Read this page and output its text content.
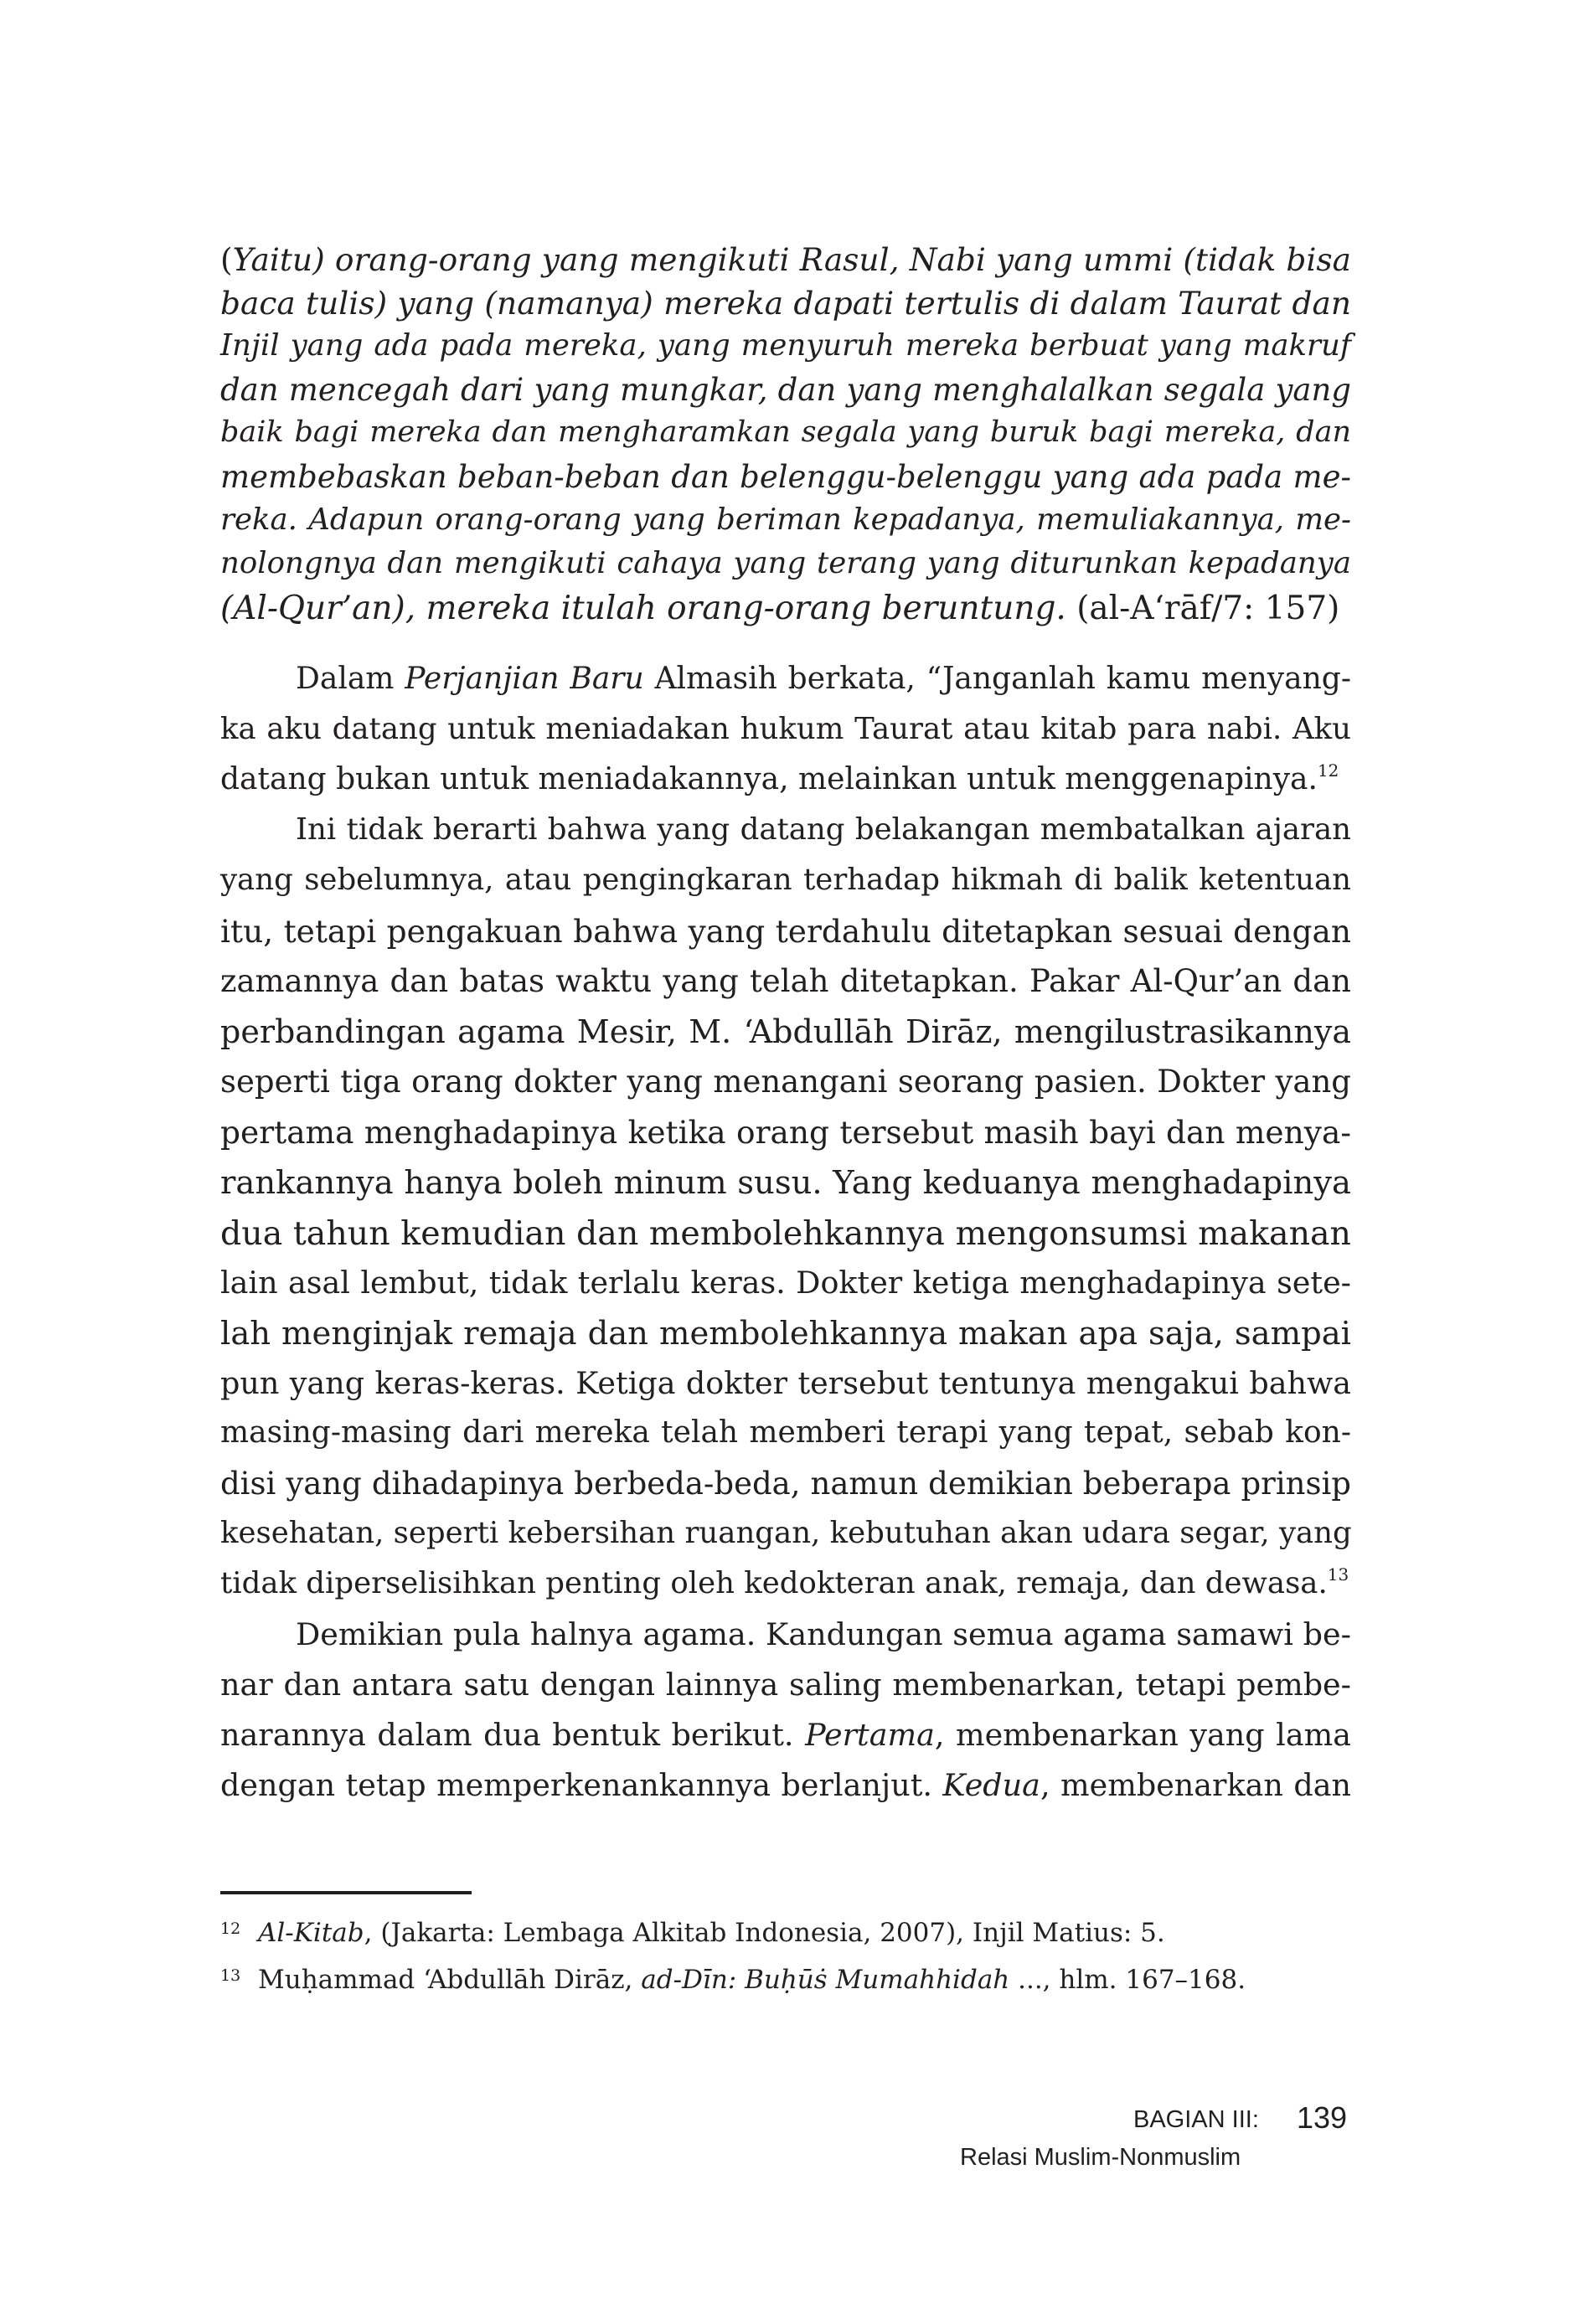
(Yaitu) orang-orang yang mengikuti Rasul, Nabi yang ummi (tidak bisa
baca tulis) yang (namanya) mereka dapati tertulis di dalam Taurat dan
Injil yang ada pada mereka, yang menyuruh mereka berbuat yang makruf
dan mencegah dari yang mungkar, dan yang menghalalkan segala yang
baik bagi mereka dan mengharamkan segala yang buruk bagi mereka, dan
membebaskan beban-beban dan belenggu-belenggu yang ada pada me-
reka. Adapun orang-orang yang beriman kepadanya, memuliakannya, me-
nolongnya dan mengikuti cahaya yang terang yang diturunkan kepadanya
(Al-Qur’an), mereka itulah orang-orang beruntung. (al-A‘rāf/7: 157)
Dalam Perjanjian Baru Almasih berkata, “Janganlah kamu menyang-
ka aku datang untuk meniadakan hukum Taurat atau kitab para nabi. Aku
datang bukan untuk meniadakannya, melainkan untuk menggenapinya.$^{12}$
Ini tidak berarti bahwa yang datang belakangan membatalkan ajaran
yang sebelumnya, atau pengingkaran terhadap hikmah di balik ketentuan
itu, tetapi pengakuan bahwa yang terdahulu ditetapkan sesuai dengan
zamannya dan batas waktu yang telah ditetapkan. Pakar Al-Qur’an dan
perbandingan agama Mesir, M. ‘Abdullāh Dirāz, mengilustrasikannya
seperti tiga orang dokter yang menangani seorang pasien. Dokter yang
pertama menghadapinya ketika orang tersebut masih bayi dan menya-
rankannya hanya boleh minum susu. Yang keduanya menghadapinya
dua tahun kemudian dan membolehkannya mengonsumsi makanan
lain asal lembut, tidak terlalu keras. Dokter ketiga menghadapinya sete-
lah menginjak remaja dan membolehkannya makan apa saja, sampai
pun yang keras-keras. Ketiga dokter tersebut tentunya mengakui bahwa
masing-masing dari mereka telah memberi terapi yang tepat, sebab kon-
disi yang dihadapinya berbeda-beda, namun demikian beberapa prinsip
kesehatan, seperti kebersihan ruangan, kebutuhan akan udara segar, yang
tidak diperselisihkan penting oleh kedokteran anak, remaja, dan dewasa.$^{13}$
Demikian pula halnya agama. Kandungan semua agama samawi be-
nar dan antara satu dengan lainnya saling membenarkan, tetapi pembe-
narannya dalam dua bentuk berikut. Pertama, membenarkan yang lama
dengan tetap memperkenankannya berlanjut. Kedua, membenarkan dan
12 Al-Kitab, (Jakarta: Lembaga Alkitab Indonesia, 2007), Injil Matius: 5.
13 Muḥammad ‘Abdullāh Dirāz, ad-Dīn: Buḥūṡ Mumahhidah ..., hlm. 167–168.
BAGIAN III: 139
Relasi Muslim-Nonmuslim
